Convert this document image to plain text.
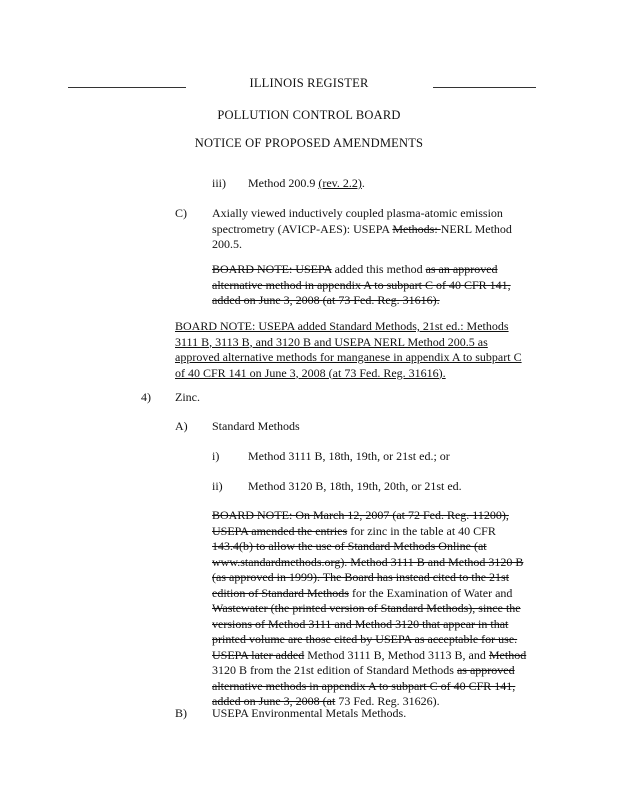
ILLINOIS REGISTER
POLLUTION CONTROL BOARD
NOTICE OF PROPOSED AMENDMENTS
iii) Method 200.9 (rev. 2.2).
C) Axially viewed inductively coupled plasma-atomic emission spectrometry (AVICP-AES): USEPA Methods: NERL Method 200.5.
BOARD NOTE: USEPA added this method as an approved alternative method in appendix A to subpart C of 40 CFR 141, added on June 3, 2008 (at 73 Fed. Reg. 31616).
BOARD NOTE: USEPA added Standard Methods, 21st ed.: Methods 3111 B, 3113 B, and 3120 B and USEPA NERL Method 200.5 as approved alternative methods for manganese in appendix A to subpart C of 40 CFR 141 on June 3, 2008 (at 73 Fed. Reg. 31616).
4) Zinc.
A) Standard Methods
i) Method 3111 B, 18th, 19th, or 21st ed.; or
ii) Method 3120 B, 18th, 19th, 20th, or 21st ed.
BOARD NOTE: On March 12, 2007 (at 72 Fed. Reg. 11200), USEPA amended the entries for zinc in the table at 40 CFR 143.4(b) to allow the use of Standard Methods Online (at www.standardmethods.org). Method 3111 B and Method 3120 B (as approved in 1999). The Board has instead cited to the 21st edition of Standard Methods for the Examination of Water and Wastewater (the printed version of Standard Methods), since the versions of Method 3111 and Method 3120 that appear in that printed volume are those cited by USEPA as acceptable for use. USEPA later added Method 3111 B, Method 3113 B, and Method 3120 B from the 21st edition of Standard Methods as approved alternative methods in appendix A to subpart C of 40 CFR 141, added on June 3, 2008 (at 73 Fed. Reg. 31626).
B) USEPA Environmental Metals Methods.
